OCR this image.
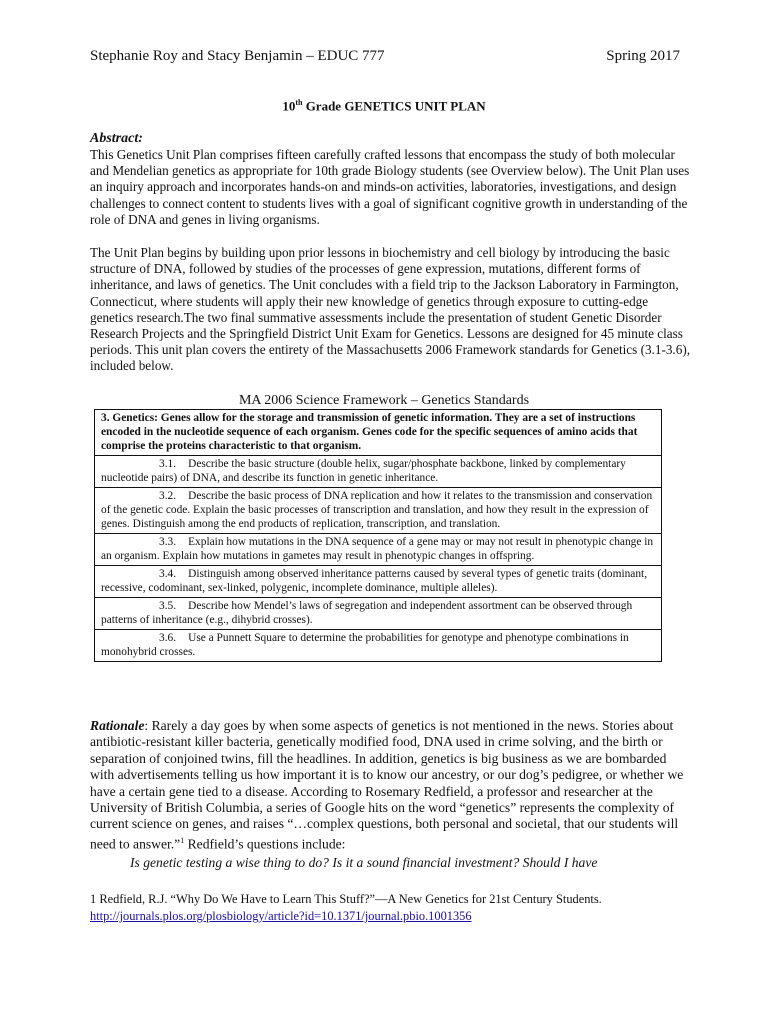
Stephanie Roy and Stacy Benjamin – EDUC 777	Spring 2017
10th Grade GENETICS UNIT PLAN
Abstract:
This Genetics Unit Plan comprises fifteen carefully crafted lessons that encompass the study of both molecular and Mendelian genetics as appropriate for 10th grade Biology students (see Overview below). The Unit Plan uses an inquiry approach and incorporates hands-on and minds-on activities, laboratories, investigations, and design challenges to connect content to students lives with a goal of significant cognitive growth in understanding of the role of DNA and genes in living organisms.
The Unit Plan begins by building upon prior lessons in biochemistry and cell biology by introducing the basic structure of DNA, followed by studies of the processes of gene expression, mutations, different forms of inheritance, and laws of genetics. The Unit concludes with a field trip to the Jackson Laboratory in Farmington, Connecticut, where students will apply their new knowledge of genetics through exposure to cutting-edge genetics research.The two final summative assessments include the presentation of student Genetic Disorder Research Projects and the Springfield District Unit Exam for Genetics. Lessons are designed for 45 minute class periods. This unit plan covers the entirety of the Massachusetts 2006 Framework standards for Genetics (3.1-3.6), included below.
MA 2006 Science Framework – Genetics Standards
3. Genetics: Genes allow for the storage and transmission of genetic information. They are a set of instructions encoded in the nucleotide sequence of each organism. Genes code for the specific sequences of amino acids that comprise the proteins characteristic to that organism.
3.1. Describe the basic structure (double helix, sugar/phosphate backbone, linked by complementary nucleotide pairs) of DNA, and describe its function in genetic inheritance.
3.2. Describe the basic process of DNA replication and how it relates to the transmission and conservation of the genetic code. Explain the basic processes of transcription and translation, and how they result in the expression of genes. Distinguish among the end products of replication, transcription, and translation.
3.3. Explain how mutations in the DNA sequence of a gene may or may not result in phenotypic change in an organism. Explain how mutations in gametes may result in phenotypic changes in offspring.
3.4. Distinguish among observed inheritance patterns caused by several types of genetic traits (dominant, recessive, codominant, sex-linked, polygenic, incomplete dominance, multiple alleles).
3.5. Describe how Mendel’s laws of segregation and independent assortment can be observed through patterns of inheritance (e.g., dihybrid crosses).
3.6. Use a Punnett Square to determine the probabilities for genotype and phenotype combinations in monohybrid crosses.
Rationale: Rarely a day goes by when some aspects of genetics is not mentioned in the news. Stories about antibiotic-resistant killer bacteria, genetically modified food, DNA used in crime solving, and the birth or separation of conjoined twins, fill the headlines. In addition, genetics is big business as we are bombarded with advertisements telling us how important it is to know our ancestry, or our dog’s pedigree, or whether we have a certain gene tied to a disease. According to Rosemary Redfield, a professor and researcher at the University of British Columbia, a series of Google hits on the word “genetics” represents the complexity of current science on genes, and raises “…complex questions, both personal and societal, that our students will need to answer.”$^1$ Redfield’s questions include:
Is genetic testing a wise thing to do? Is it a sound financial investment? Should I have
1 Redfield, R.J. “Why Do We Have to Learn This Stuff?”—A New Genetics for 21st Century Students.
http://journals.plos.org/plosbiology/article?id=10.1371/journal.pbio.1001356
